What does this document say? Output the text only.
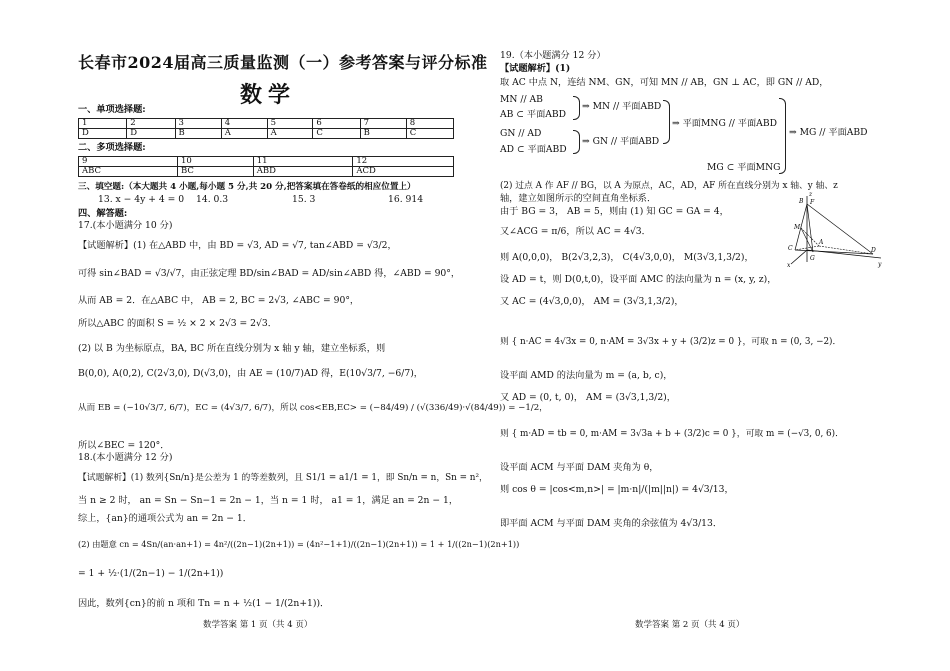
长春市2024届高三质量监测（一）参考答案与评分标准
数学
一、单项选择题:
1	2	3	4	5	6	7	8
D	D	B	A	A	C	B	C
二、多项选择题:
9	10	11	12
ABC	BC	ABD	ACD
三、填空题:（本大题共 4 小题,每小题 5 分,共 20 分,把答案填在答卷纸的相应位置上）
13. x − 4y + 4 = 0 14. 0.3	15. 3	16. 914
四、解答题:
17.(本小题满分 10 分)
【试题解析】(1) 在△ABD 中，由 BD = √3, AD = √7, tan∠ABD = √3/2，
可得 sin∠BAD = √3/√7，由正弦定理 BD/sin∠BAD = AD/sin∠ABD 得，∠ABD = 90°，
从而 AB = 2．在△ABC 中， AB = 2, BC = 2√3, ∠ABC = 90°，
所以△ABC 的面积 S = ½ × 2 × 2√3 = 2√3．
(2) 以 B 为坐标原点，BA, BC 所在直线分别为 x 轴 y 轴，建立坐标系，则
B(0,0), A(0,2), C(2√3,0), D(√3,0)，由 AE = (10/7)AD 得，E(10√3/7, −6/7)，
从而 EB = (−10√3/7, 6/7)，EC = (4√3/7, 6/7)，所以 cos<EB,EC> = (−84/49) / (√(336/49)·√(84/49)) = −1/2，
所以∠BEC = 120°．
18.(本小题满分 12 分)
【试题解析】(1) 数列{Sn/n}是公差为 1 的等差数列，且 S1/1 = a1/1 = 1，即 Sn/n = n，Sn = n²，
当 n ≥ 2 时， an = Sn − Sn−1 = 2n − 1，当 n = 1 时， a1 = 1，满足 an = 2n − 1，
综上，{an}的通项公式为 an = 2n − 1．
(2) 由题意 cn = 4Sn/(an·an+1) = 4n²/((2n−1)(2n+1)) = (4n²−1+1)/((2n−1)(2n+1)) = 1 + 1/((2n−1)(2n+1))
= 1 + ½·(1/(2n−1) − 1/(2n+1))
因此，数列{cn}的前 n 项和 Tn = n + ½(1 − 1/(2n+1))．
数学答案 第 1 页（共 4 页）
19.（本小题满分 12 分）
【试题解析】(1)
取 AC 中点 N，连结 NM、GN，可知 MN // AB，GN ⊥ AC，即 GN // AD，
MN // AB
AB ⊂ 平面ABD
⇒ MN // 平面ABD
GN // AD
AD ⊂ 平面ABD
⇒ GN // 平面ABD
⇒ 平面MNG // 平面ABD
MG ⊂ 平面MNG
⇒ MG // 平面ABD
(2) 过点 A 作 AF // BG，以 A 为原点，AC，AD，AF 所在直线分别为 x 轴、y 轴、z
轴，建立如图所示的空间直角坐标系．
由于 BG = 3， AB = 5，则由 (1) 知 GC = GA = 4，
又∠ACG = π/6，所以 AC = 4√3．
则 A(0,0,0)， B(2√3,2,3)， C(4√3,0,0)， M(3√3,1,3/2)，
设 AD = t，则 D(0,t,0)，设平面 AMC 的法向量为 n = (x, y, z)，
又 AC = (4√3,0,0)， AM = (3√3,1,3/2)，
则 { n·AC = 4√3x = 0, n·AM = 3√3x + y + (3/2)z = 0 }，可取 n = (0, 3, −2)．
设平面 AMD 的法向量为 m = (a, b, c)，
又 AD = (0, t, 0)， AM = (3√3,1,3/2)，
则 { m·AD = tb = 0, m·AM = 3√3a + b + (3/2)c = 0 }，可取 m = (−√3, 0, 6)．
设平面 ACM 与平面 DAM 夹角为 θ，
则 cos θ = |cos<m,n>| = |m·n|/(|m||n|) = 4√3/13，
即平面 ACM 与平面 DAM 夹角的余弦值为 4√3/13．
z
F
B
M
C
A
G
D
x	y
数学答案 第 2 页（共 4 页）
